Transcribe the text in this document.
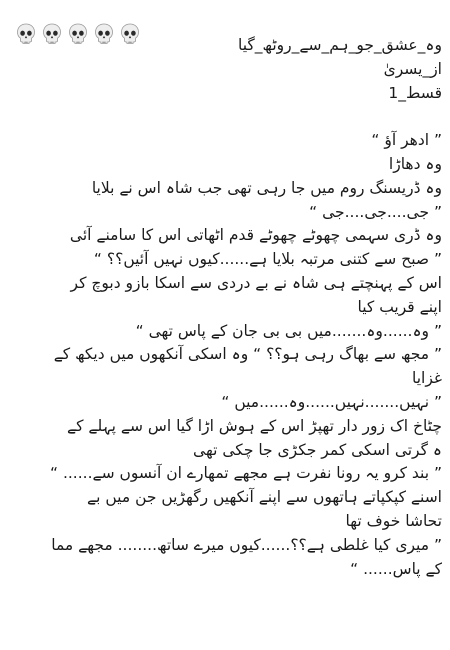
وہ_عشق_جو_ہم_سے_روٹھ_گیا
از_یسریٰ
قسط_1
” ادھر آؤ “
وہ دھاڑا
وہ ڈریسنگ روم میں جا رہی تھی جب شاہ اس نے بلایا
” جی....جی....جی “
وہ ڈری سہمی چھوٹے چھوٹے قدم اٹھاتی اس کا سامنے آئی
” صبح سے کتنی مرتبہ بلایا ہے......کیوں نہیں آئیں؟؟ “
اس کے پہنچتے ہی شاہ نے بے دردی سے اسکا بازو دبوچ کر
اپنے قریب کیا
” وہ......وہ.......میں بی بی جان کے پاس تھی “
” مجھ سے بھاگ رہی ہو؟؟ “ وہ اسکی آنکھوں میں دیکھ کے
غزایا
” نہیں.......نہیں......وہ......میں “
چٹاخ اک زور دار تھپڑ اس کے ہوش اڑا گیا اس سے پہلے کے
ہ گرتی اسکی کمر جکڑی جا چکی تھی
” بند کرو یہ رونا نفرت ہے مجھے تمھارے ان آنسوں سے...... “
اسنے کپکپاتے ہاتھوں سے اپنے آنکھیں رگھڑیں جن میں بے
تحاشا خوف تھا
” میری کیا غلطی ہے؟؟......کیوں میرے ساتھ........ مجھے مما
کے پاس...... “
